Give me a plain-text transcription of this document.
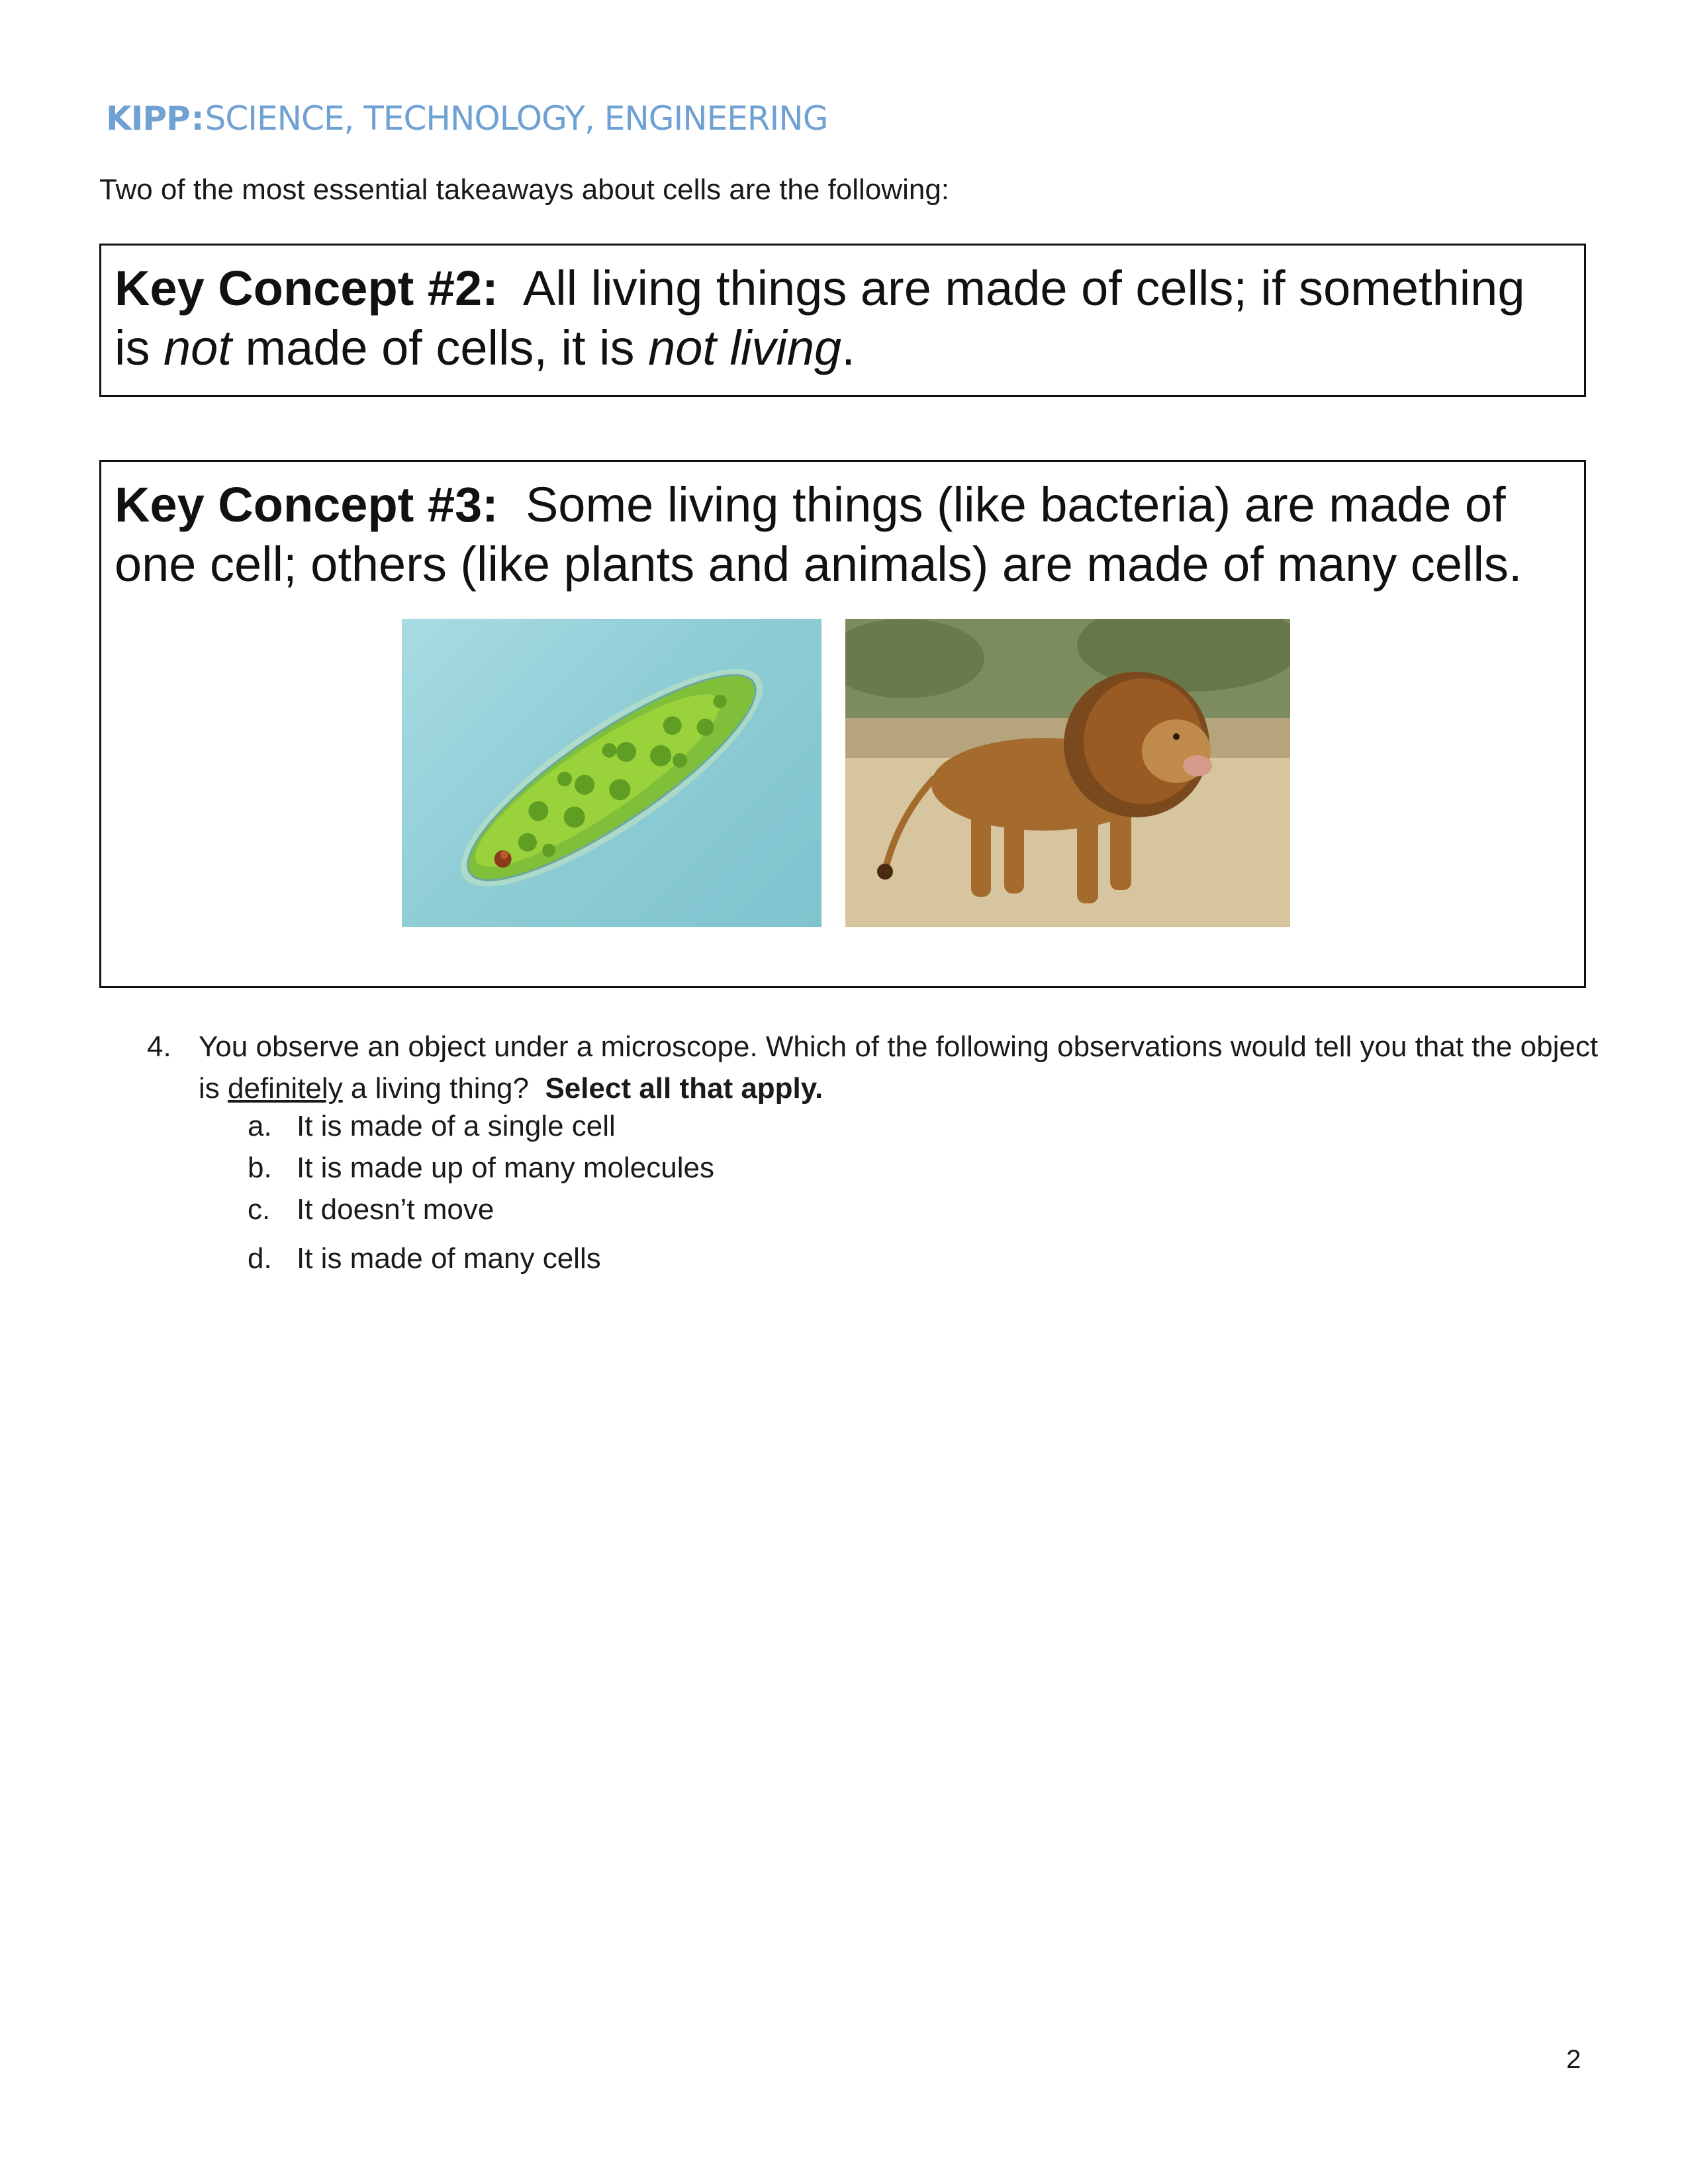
KIPP:SCIENCE, TECHNOLOGY, ENGINEERING
Two of the most essential takeaways about cells are the following:
Key Concept #2: All living things are made of cells; if something is not made of cells, it is not living.
Key Concept #3: Some living things (like bacteria) are made of one cell; others (like plants and animals) are made of many cells.
4. You observe an object under a microscope. Which of the following observations would tell you that the object is definitely a living thing? Select all that apply.
a. It is made of a single cell
b. It is made up of many molecules
c. It doesn’t move
d. It is made of many cells
2
